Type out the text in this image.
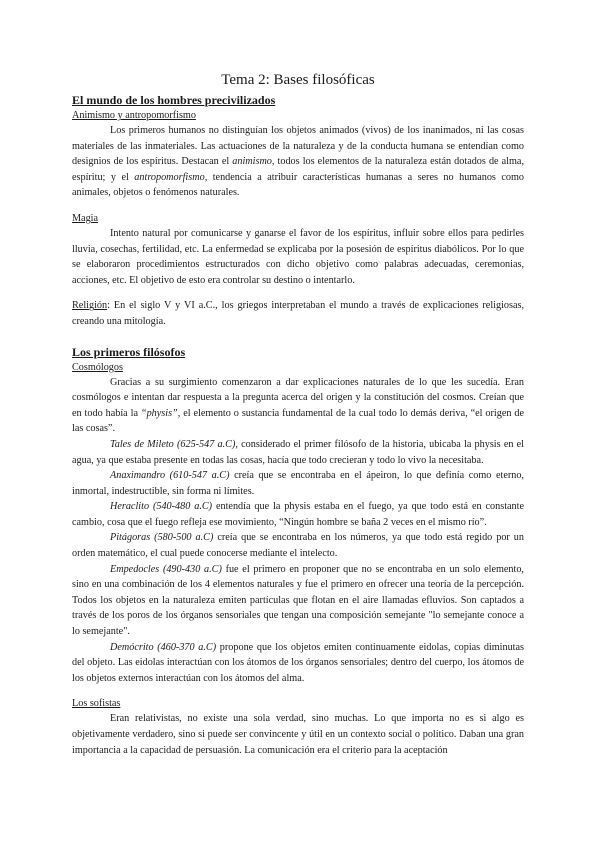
Tema 2: Bases filosóficas
El mundo de los hombres precivilizados
Animismo y antropomorfismo

Los primeros humanos no distinguían los objetos animados (vivos) de los inanimados, ni las cosas materiales de las inmateriales. Las actuaciones de la naturaleza y de la conducta humana se entendían como designios de los espíritus. Destacan el animismo, todos los elementos de la naturaleza están dotados de alma, espíritu; y el antropomorfismo, tendencia a atribuir características humanas a seres no humanos como animales, objetos o fenómenos naturales.

Magia

Intento natural por comunicarse y ganarse el favor de los espíritus, influir sobre ellos para pedirles lluvia, cosechas, fertilidad, etc. La enfermedad se explicaba por la posesión de espíritus diabólicos. Por lo que se elaboraron procedimientos estructurados con dicho objetivo como palabras adecuadas, ceremonias, acciones, etc. El objetivo de esto era controlar su destino o intentarlo.

Religión: En el siglo V y VI a.C., los griegos interpretaban el mundo a través de explicaciones religiosas, creando una mitología.

Los primeros filósofos
Cosmólogos

Gracias a su surgimiento comenzaron a dar explicaciones naturales de lo que les sucedía. Eran cosmólogos e intentan dar respuesta a la pregunta acerca del origen y la constitución del cosmos. Creían que en todo había la “physis”, el elemento o sustancia fundamental de la cual todo lo demás deriva, “el origen de las cosas”.

Tales de Mileto (625-547 a.C), considerado el primer filósofo de la historia, ubicaba la physis en el agua, ya que estaba presente en todas las cosas, hacía que todo crecieran y todo lo vivo la necesitaba.

Anaximandro (610-547 a.C) creía que se encontraba en el ápeiron, lo que definía como eterno, inmortal, indestructible, sin forma ni límites.

Heraclito (540-480 a.C) entendía que la physis estaba en el fuego, ya que todo está en constante cambio, cosa que el fuego refleja ese movimiento, “Ningún hombre se baña 2 veces en el mismo río”.

Pitágoras (580-500 a.C) creía que se encontraba en los números, ya que todo está regido por un orden matemático, el cual puede conocerse mediante el intelecto.

Empedocles (490-430 a.C) fue el primero en proponer que no se encontraba en un solo elemento, sino en una combinación de los 4 elementos naturales y fue el primero en ofrecer una teoría de la percepción. Todos los objetos en la naturaleza emiten partículas que flotan en el aire llamadas efluvios. Son captados a través de los poros de los órganos sensoriales que tengan una composición semejante "lo semejante conoce a lo semejante".

Demócrito (460-370 a.C) propone que los objetos emiten continuamente eidolas, copias diminutas del objeto. Las eidolas interactúan con los átomos de los órganos sensoriales; dentro del cuerpo, los átomos de los objetos externos interactúan con los átomos del alma.

Los sofistas

Eran relativistas, no existe una sola verdad, sino muchas. Lo que importa no es si algo es objetivamente verdadero, sino si puede ser convincente y útil en un contexto social o político. Daban una gran importancia a la capacidad de persuasión. La comunicación era el criterio para la aceptación
